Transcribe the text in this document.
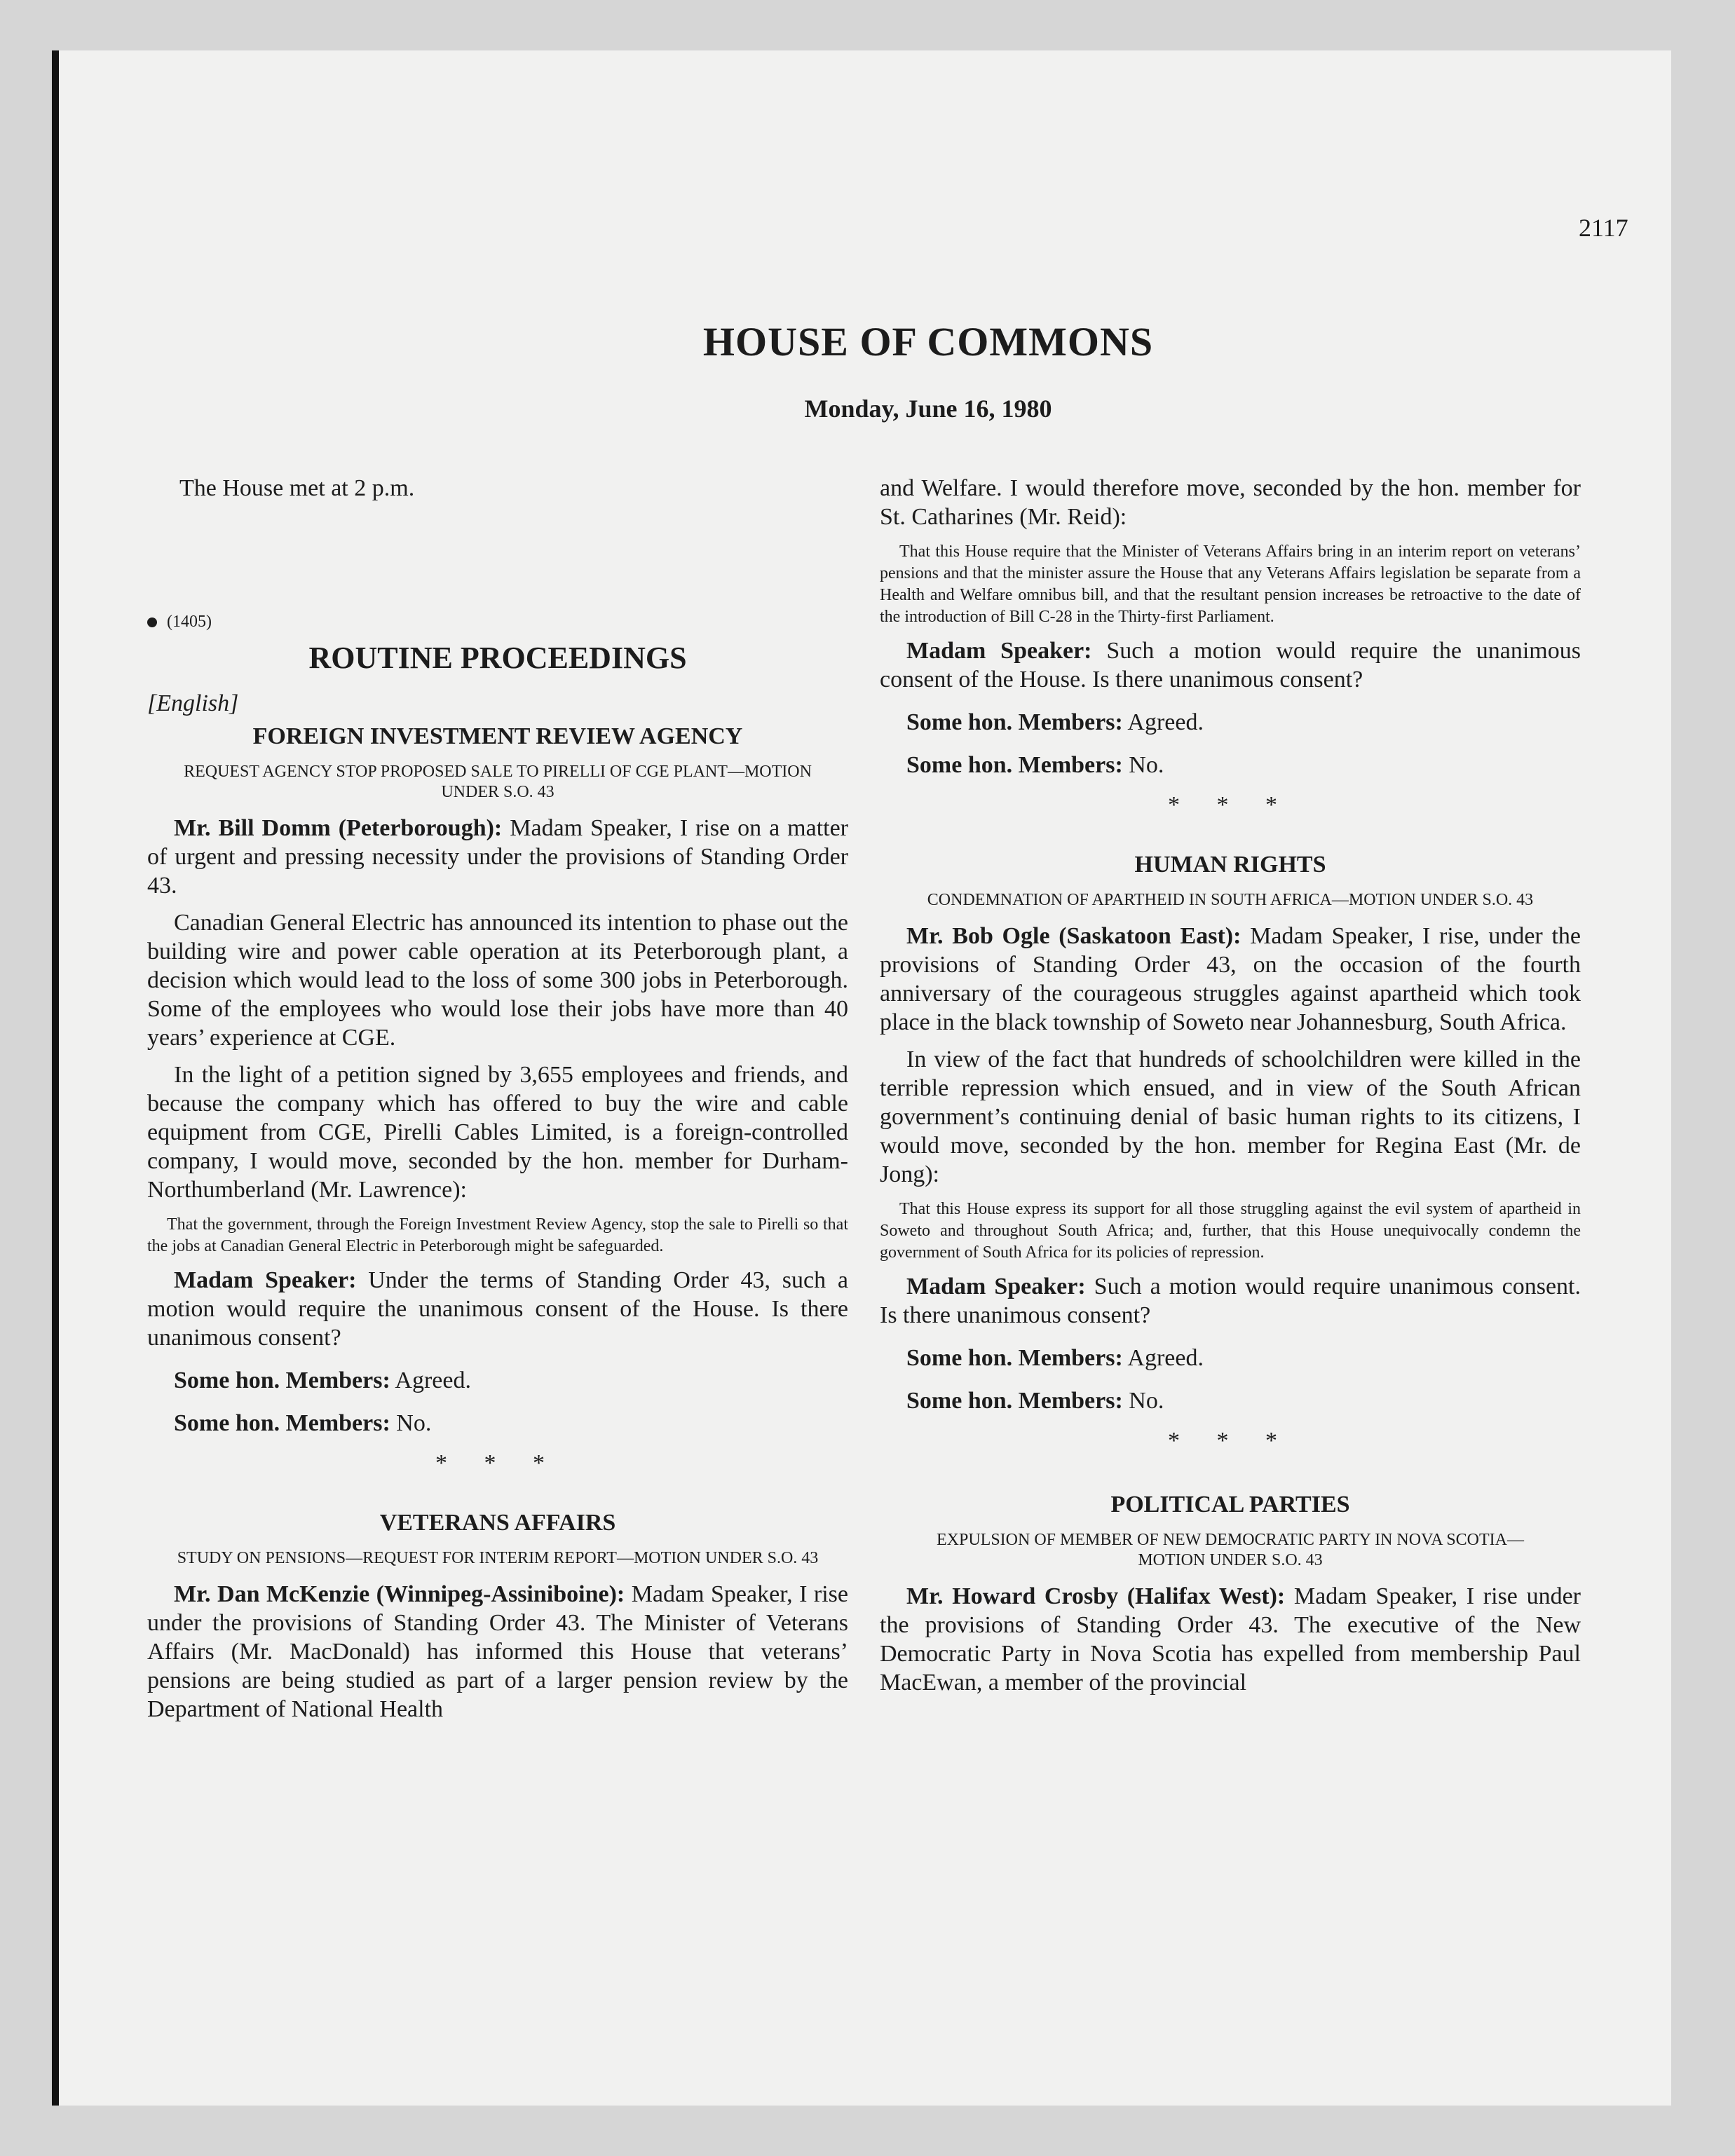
2117
HOUSE OF COMMONS
Monday, June 16, 1980

The House met at 2 p.m.

(1405)

ROUTINE PROCEEDINGS

[English]

FOREIGN INVESTMENT REVIEW AGENCY

REQUEST AGENCY STOP PROPOSED SALE TO PIRELLI OF CGE PLANT—MOTION UNDER S.O. 43

Mr. Bill Domm (Peterborough): Madam Speaker, I rise on a matter of urgent and pressing necessity under the provisions of Standing Order 43.

Canadian General Electric has announced its intention to phase out the building wire and power cable operation at its Peterborough plant, a decision which would lead to the loss of some 300 jobs in Peterborough. Some of the employees who would lose their jobs have more than 40 years’ experience at CGE.

In the light of a petition signed by 3,655 employees and friends, and because the company which has offered to buy the wire and cable equipment from CGE, Pirelli Cables Limited, is a foreign-controlled company, I would move, seconded by the hon. member for Durham-Northumberland (Mr. Lawrence):

That the government, through the Foreign Investment Review Agency, stop the sale to Pirelli so that the jobs at Canadian General Electric in Peterborough might be safeguarded.

Madam Speaker: Under the terms of Standing Order 43, such a motion would require the unanimous consent of the House. Is there unanimous consent?

Some hon. Members: Agreed.

Some hon. Members: No.

* * *

VETERANS AFFAIRS

STUDY ON PENSIONS—REQUEST FOR INTERIM REPORT—MOTION UNDER S.O. 43

Mr. Dan McKenzie (Winnipeg-Assiniboine): Madam Speaker, I rise under the provisions of Standing Order 43. The Minister of Veterans Affairs (Mr. MacDonald) has informed this House that veterans’ pensions are being studied as part of a larger pension review by the Department of National Health

and Welfare. I would therefore move, seconded by the hon. member for St. Catharines (Mr. Reid):

That this House require that the Minister of Veterans Affairs bring in an interim report on veterans’ pensions and that the minister assure the House that any Veterans Affairs legislation be separate from a Health and Welfare omnibus bill, and that the resultant pension increases be retroactive to the date of the introduction of Bill C-28 in the Thirty-first Parliament.

Madam Speaker: Such a motion would require the unanimous consent of the House. Is there unanimous consent?

Some hon. Members: Agreed.

Some hon. Members: No.

* * *

HUMAN RIGHTS

CONDEMNATION OF APARTHEID IN SOUTH AFRICA—MOTION UNDER S.O. 43

Mr. Bob Ogle (Saskatoon East): Madam Speaker, I rise, under the provisions of Standing Order 43, on the occasion of the fourth anniversary of the courageous struggles against apartheid which took place in the black township of Soweto near Johannesburg, South Africa.

In view of the fact that hundreds of schoolchildren were killed in the terrible repression which ensued, and in view of the South African government’s continuing denial of basic human rights to its citizens, I would move, seconded by the hon. member for Regina East (Mr. de Jong):

That this House express its support for all those struggling against the evil system of apartheid in Soweto and throughout South Africa; and, further, that this House unequivocally condemn the government of South Africa for its policies of repression.

Madam Speaker: Such a motion would require unanimous consent. Is there unanimous consent?

Some hon. Members: Agreed.

Some hon. Members: No.

* * *

POLITICAL PARTIES

EXPULSION OF MEMBER OF NEW DEMOCRATIC PARTY IN NOVA SCOTIA—MOTION UNDER S.O. 43

Mr. Howard Crosby (Halifax West): Madam Speaker, I rise under the provisions of Standing Order 43. The executive of the New Democratic Party in Nova Scotia has expelled from membership Paul MacEwan, a member of the provincial
